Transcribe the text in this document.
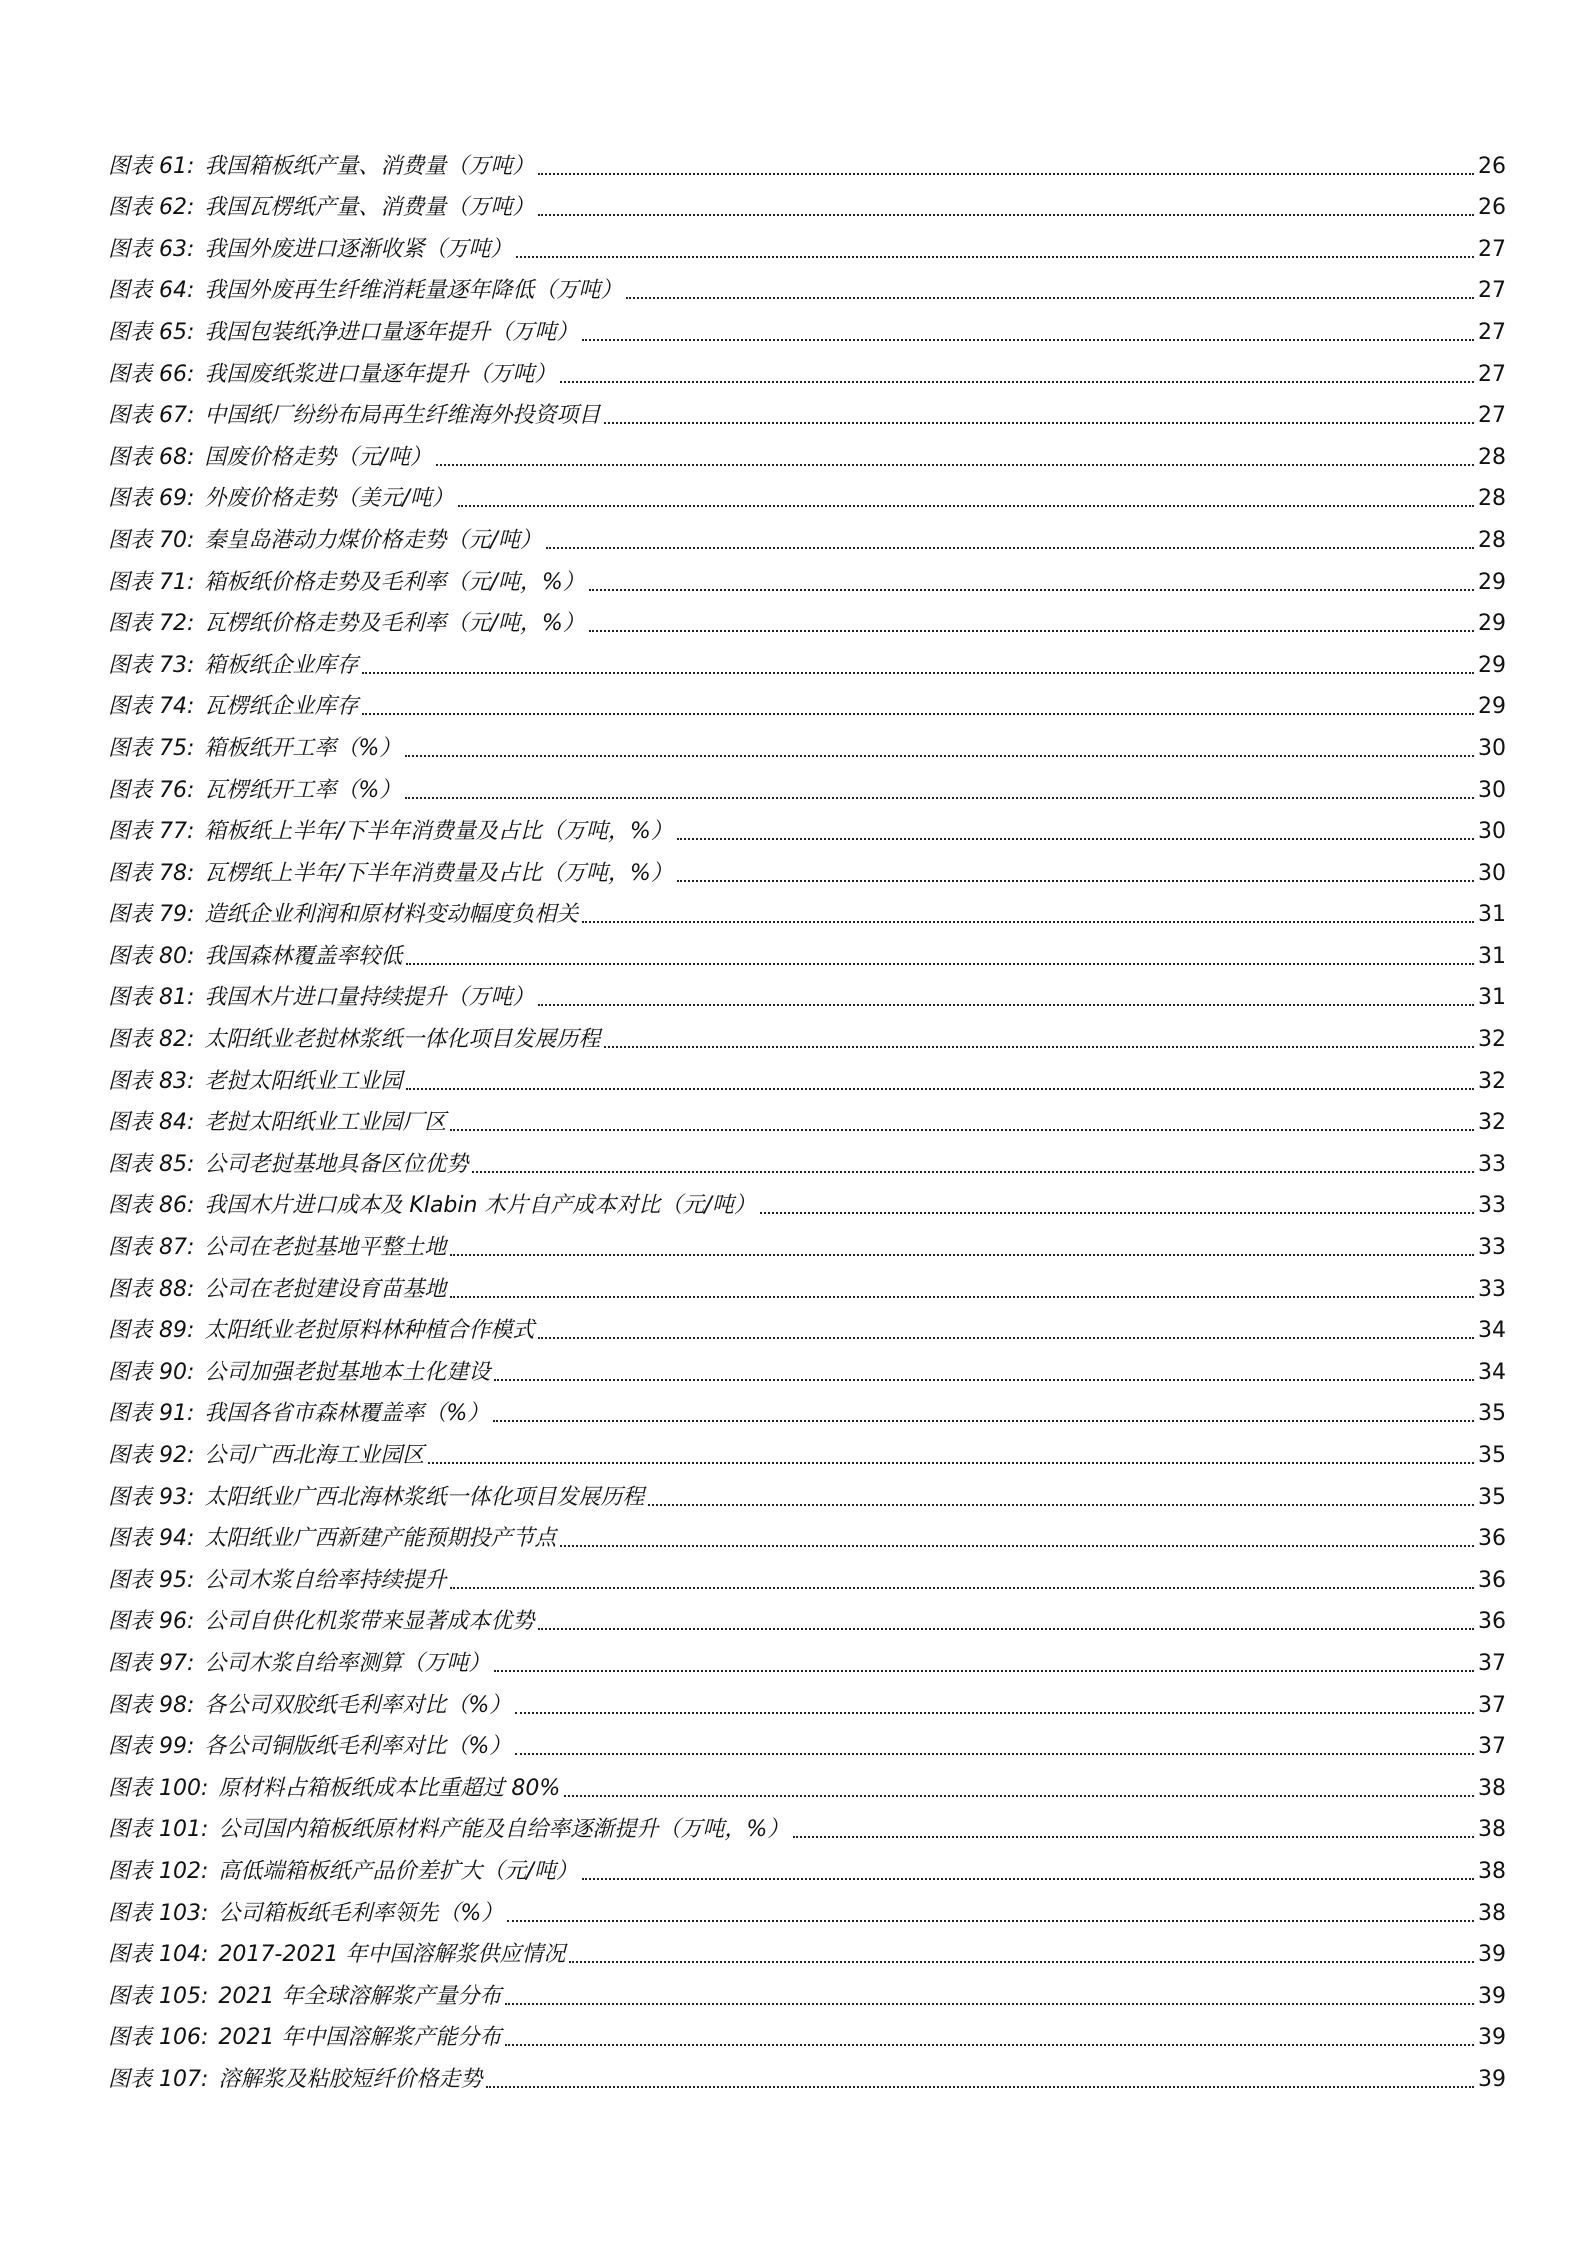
图表 61: 我国箱板纸产量、消费量（万吨）	26
图表 62: 我国瓦楞纸产量、消费量（万吨）	26
图表 63: 我国外废进口逐渐收紧（万吨）	27
图表 64: 我国外废再生纤维消耗量逐年降低（万吨）	27
图表 65: 我国包装纸净进口量逐年提升（万吨）	27
图表 66: 我国废纸浆进口量逐年提升（万吨）	27
图表 67: 中国纸厂纷纷布局再生纤维海外投资项目	27
图表 68: 国废价格走势（元/吨）	28
图表 69: 外废价格走势（美元/吨）	28
图表 70: 秦皇岛港动力煤价格走势（元/吨）	28
图表 71: 箱板纸价格走势及毛利率（元/吨，%）	29
图表 72: 瓦楞纸价格走势及毛利率（元/吨，%）	29
图表 73: 箱板纸企业库存	29
图表 74: 瓦楞纸企业库存	29
图表 75: 箱板纸开工率（%）	30
图表 76: 瓦楞纸开工率（%）	30
图表 77: 箱板纸上半年/下半年消费量及占比（万吨，%）	30
图表 78: 瓦楞纸上半年/下半年消费量及占比（万吨，%）	30
图表 79: 造纸企业利润和原材料变动幅度负相关	31
图表 80: 我国森林覆盖率较低	31
图表 81: 我国木片进口量持续提升（万吨）	31
图表 82: 太阳纸业老挝林浆纸一体化项目发展历程	32
图表 83: 老挝太阳纸业工业园	32
图表 84: 老挝太阳纸业工业园厂区	32
图表 85: 公司老挝基地具备区位优势	33
图表 86: 我国木片进口成本及 Klabin 木片自产成本对比（元/吨）	33
图表 87: 公司在老挝基地平整土地	33
图表 88: 公司在老挝建设育苗基地	33
图表 89: 太阳纸业老挝原料林种植合作模式	34
图表 90: 公司加强老挝基地本土化建设	34
图表 91: 我国各省市森林覆盖率（%）	35
图表 92: 公司广西北海工业园区	35
图表 93: 太阳纸业广西北海林浆纸一体化项目发展历程	35
图表 94: 太阳纸业广西新建产能预期投产节点	36
图表 95: 公司木浆自给率持续提升	36
图表 96: 公司自供化机浆带来显著成本优势	36
图表 97: 公司木浆自给率测算（万吨）	37
图表 98: 各公司双胶纸毛利率对比（%）	37
图表 99: 各公司铜版纸毛利率对比（%）	37
图表 100: 原材料占箱板纸成本比重超过 80%	38
图表 101: 公司国内箱板纸原材料产能及自给率逐渐提升（万吨，%）	38
图表 102: 高低端箱板纸产品价差扩大（元/吨）	38
图表 103: 公司箱板纸毛利率领先（%）	38
图表 104: 2017-2021 年中国溶解浆供应情况	39
图表 105: 2021 年全球溶解浆产量分布	39
图表 106: 2021 年中国溶解浆产能分布	39
图表 107: 溶解浆及粘胶短纤价格走势	39
